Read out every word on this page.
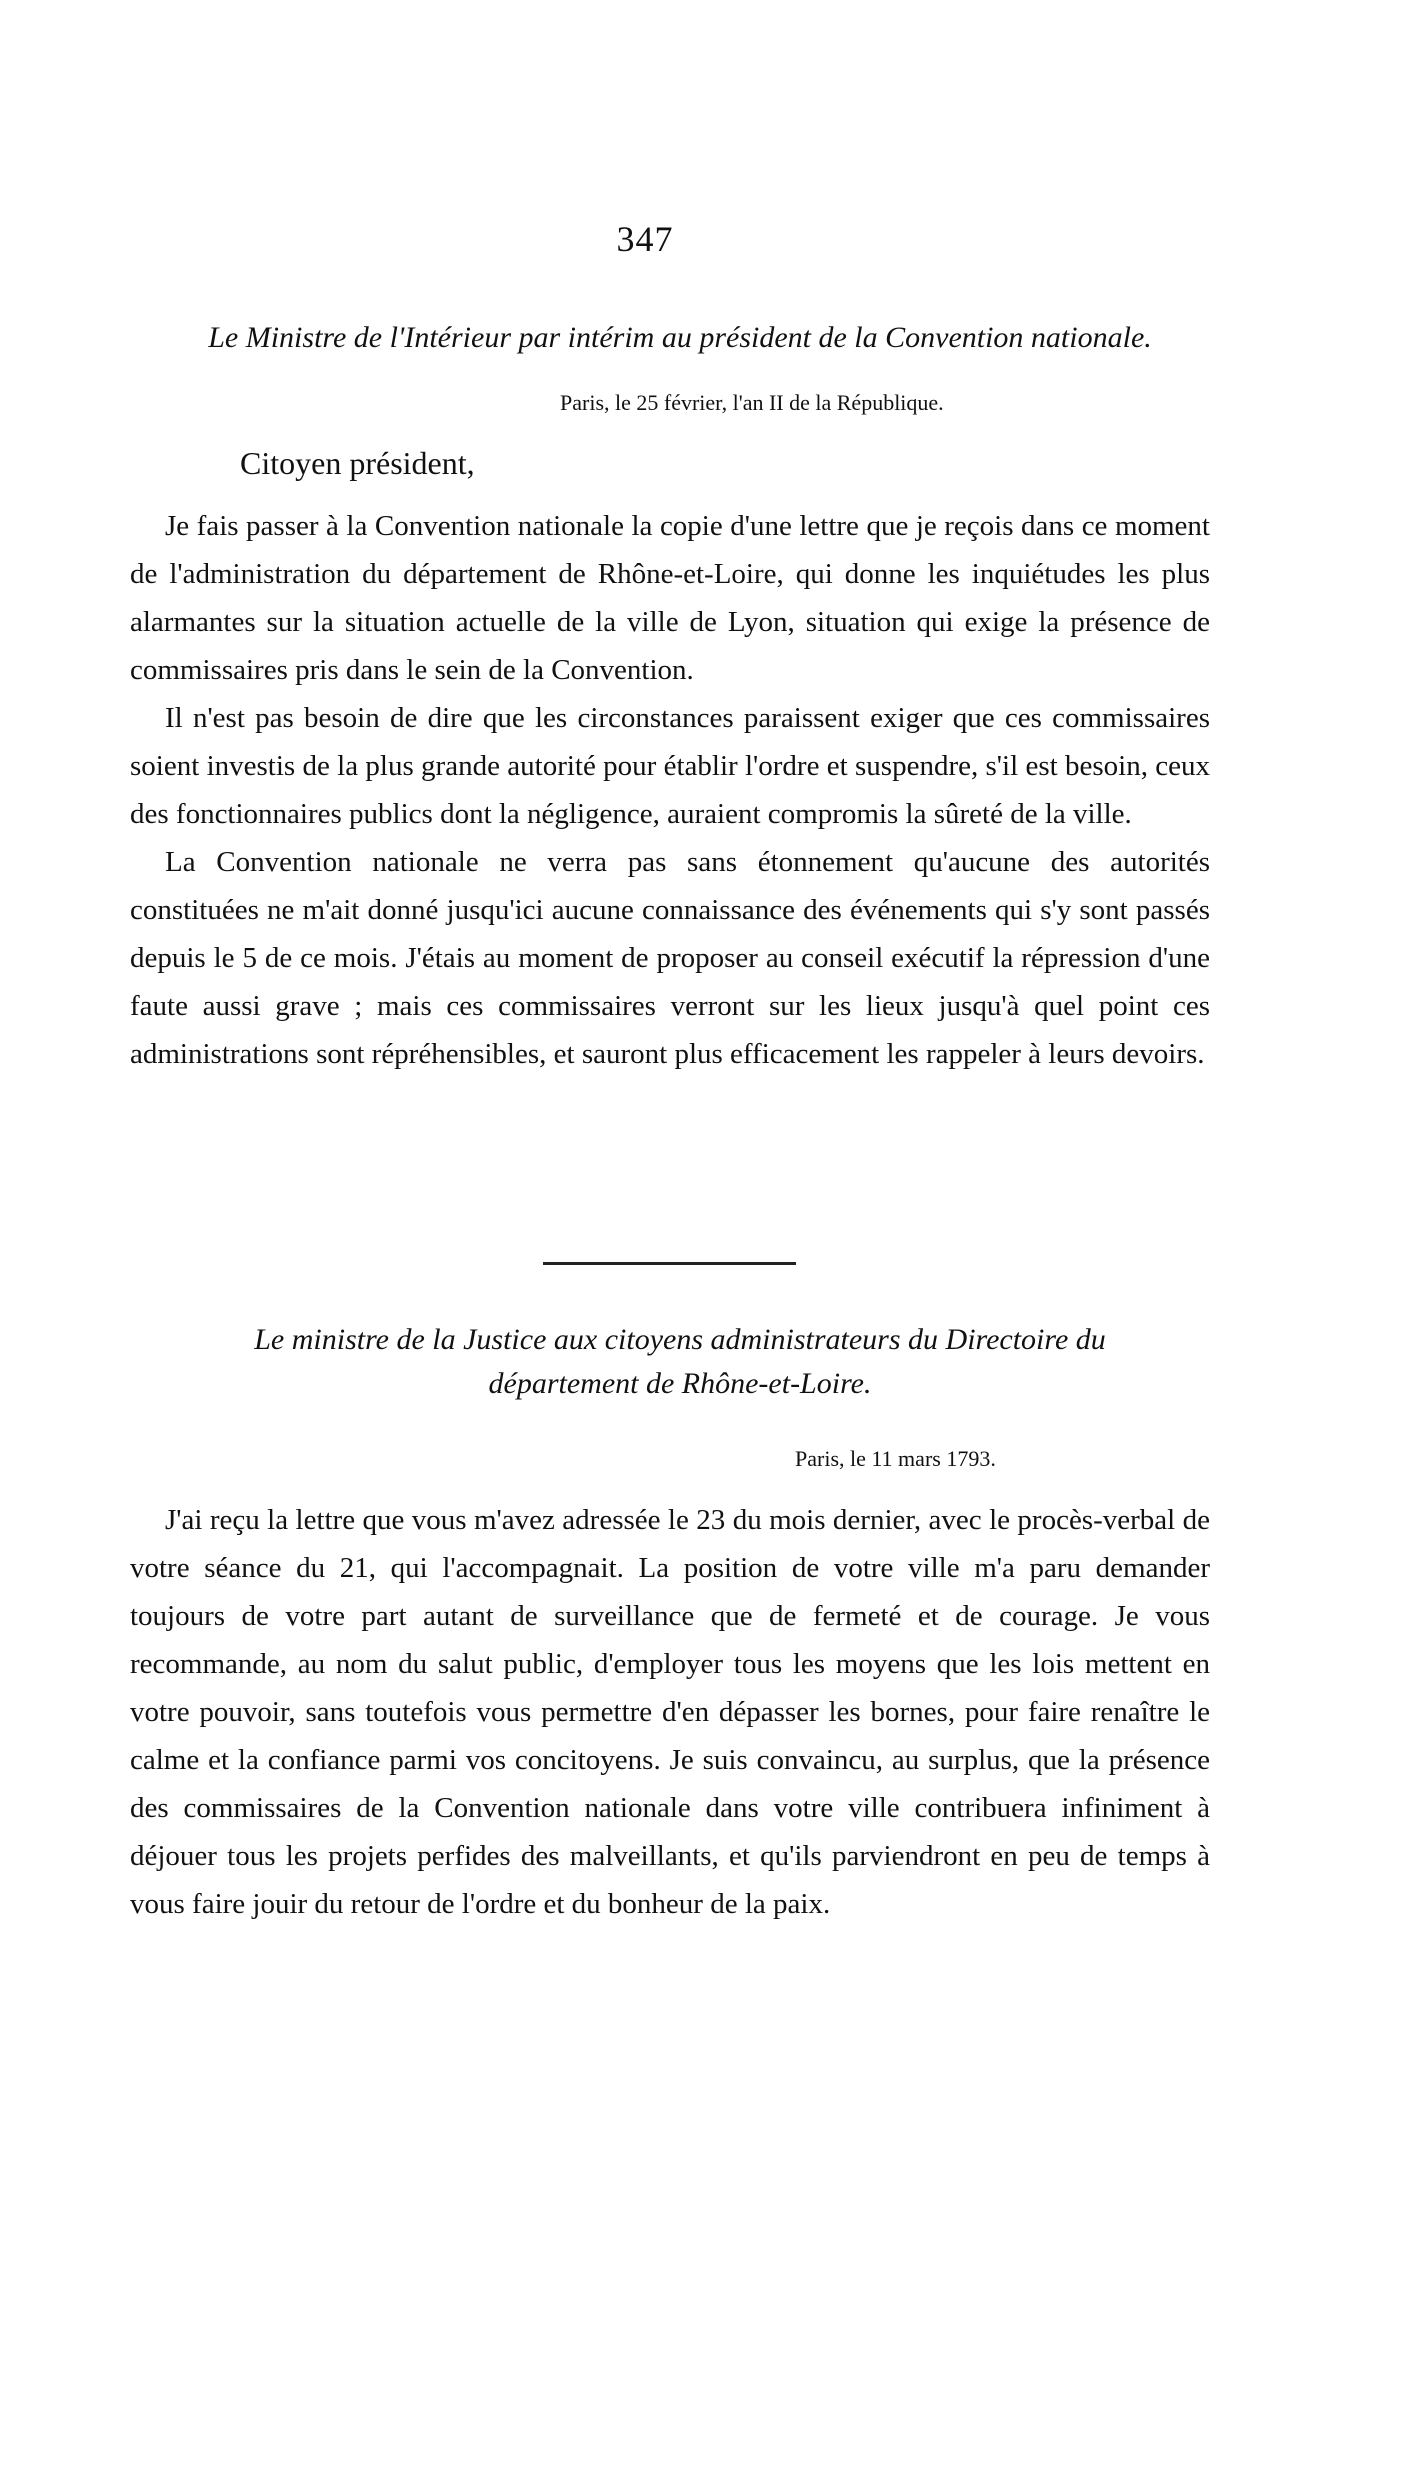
347
Le Ministre de l'Intérieur par intérim au président de la Convention nationale.
Paris, le 25 février, l'an II de la République.
Citoyen président,

Je fais passer à la Convention nationale la copie d'une lettre que je reçois dans ce moment de l'administration du département de Rhône-et-Loire, qui donne les inquiétudes les plus alarmantes sur la situation actuelle de la ville de Lyon, situation qui exige la présence de commissaires pris dans le sein de la Convention.

Il n'est pas besoin de dire que les circonstances paraissent exiger que ces commissaires soient investis de la plus grande autorité pour établir l'ordre et suspendre, s'il est besoin, ceux des fonctionnaires publics dont la négligence, auraient compromis la sûreté de la ville.

La Convention nationale ne verra pas sans étonnement qu'aucune des autorités constituées ne m'ait donné jusqu'ici aucune connaissance des événements qui s'y sont passés depuis le 5 de ce mois. J'étais au moment de proposer au conseil exécutif la répression d'une faute aussi grave ; mais ces commissaires verront sur les lieux jusqu'à quel point ces administrations sont répréhensibles, et sauront plus efficacement les rappeler à leurs devoirs.

Le ministre de la Justice aux citoyens administrateurs du Directoire du
département de Rhône-et-Loire.
Paris, le 11 mars 1793.

J'ai reçu la lettre que vous m'avez adressée le 23 du mois dernier, avec le procès-verbal de votre séance du 21, qui l'accompagnait. La position de votre ville m'a paru demander toujours de votre part autant de surveillance que de fermeté et de courage. Je vous recommande, au nom du salut public, d'employer tous les moyens que les lois mettent en votre pouvoir, sans toutefois vous permettre d'en dépasser les bornes, pour faire renaître le calme et la confiance parmi vos concitoyens. Je suis convaincu, au surplus, que la présence des commissaires de la Convention nationale dans votre ville contribuera infiniment à déjouer tous les projets perfides des malveillants, et qu'ils parviendront en peu de temps à vous faire jouir du retour de l'ordre et du bonheur de la paix.
